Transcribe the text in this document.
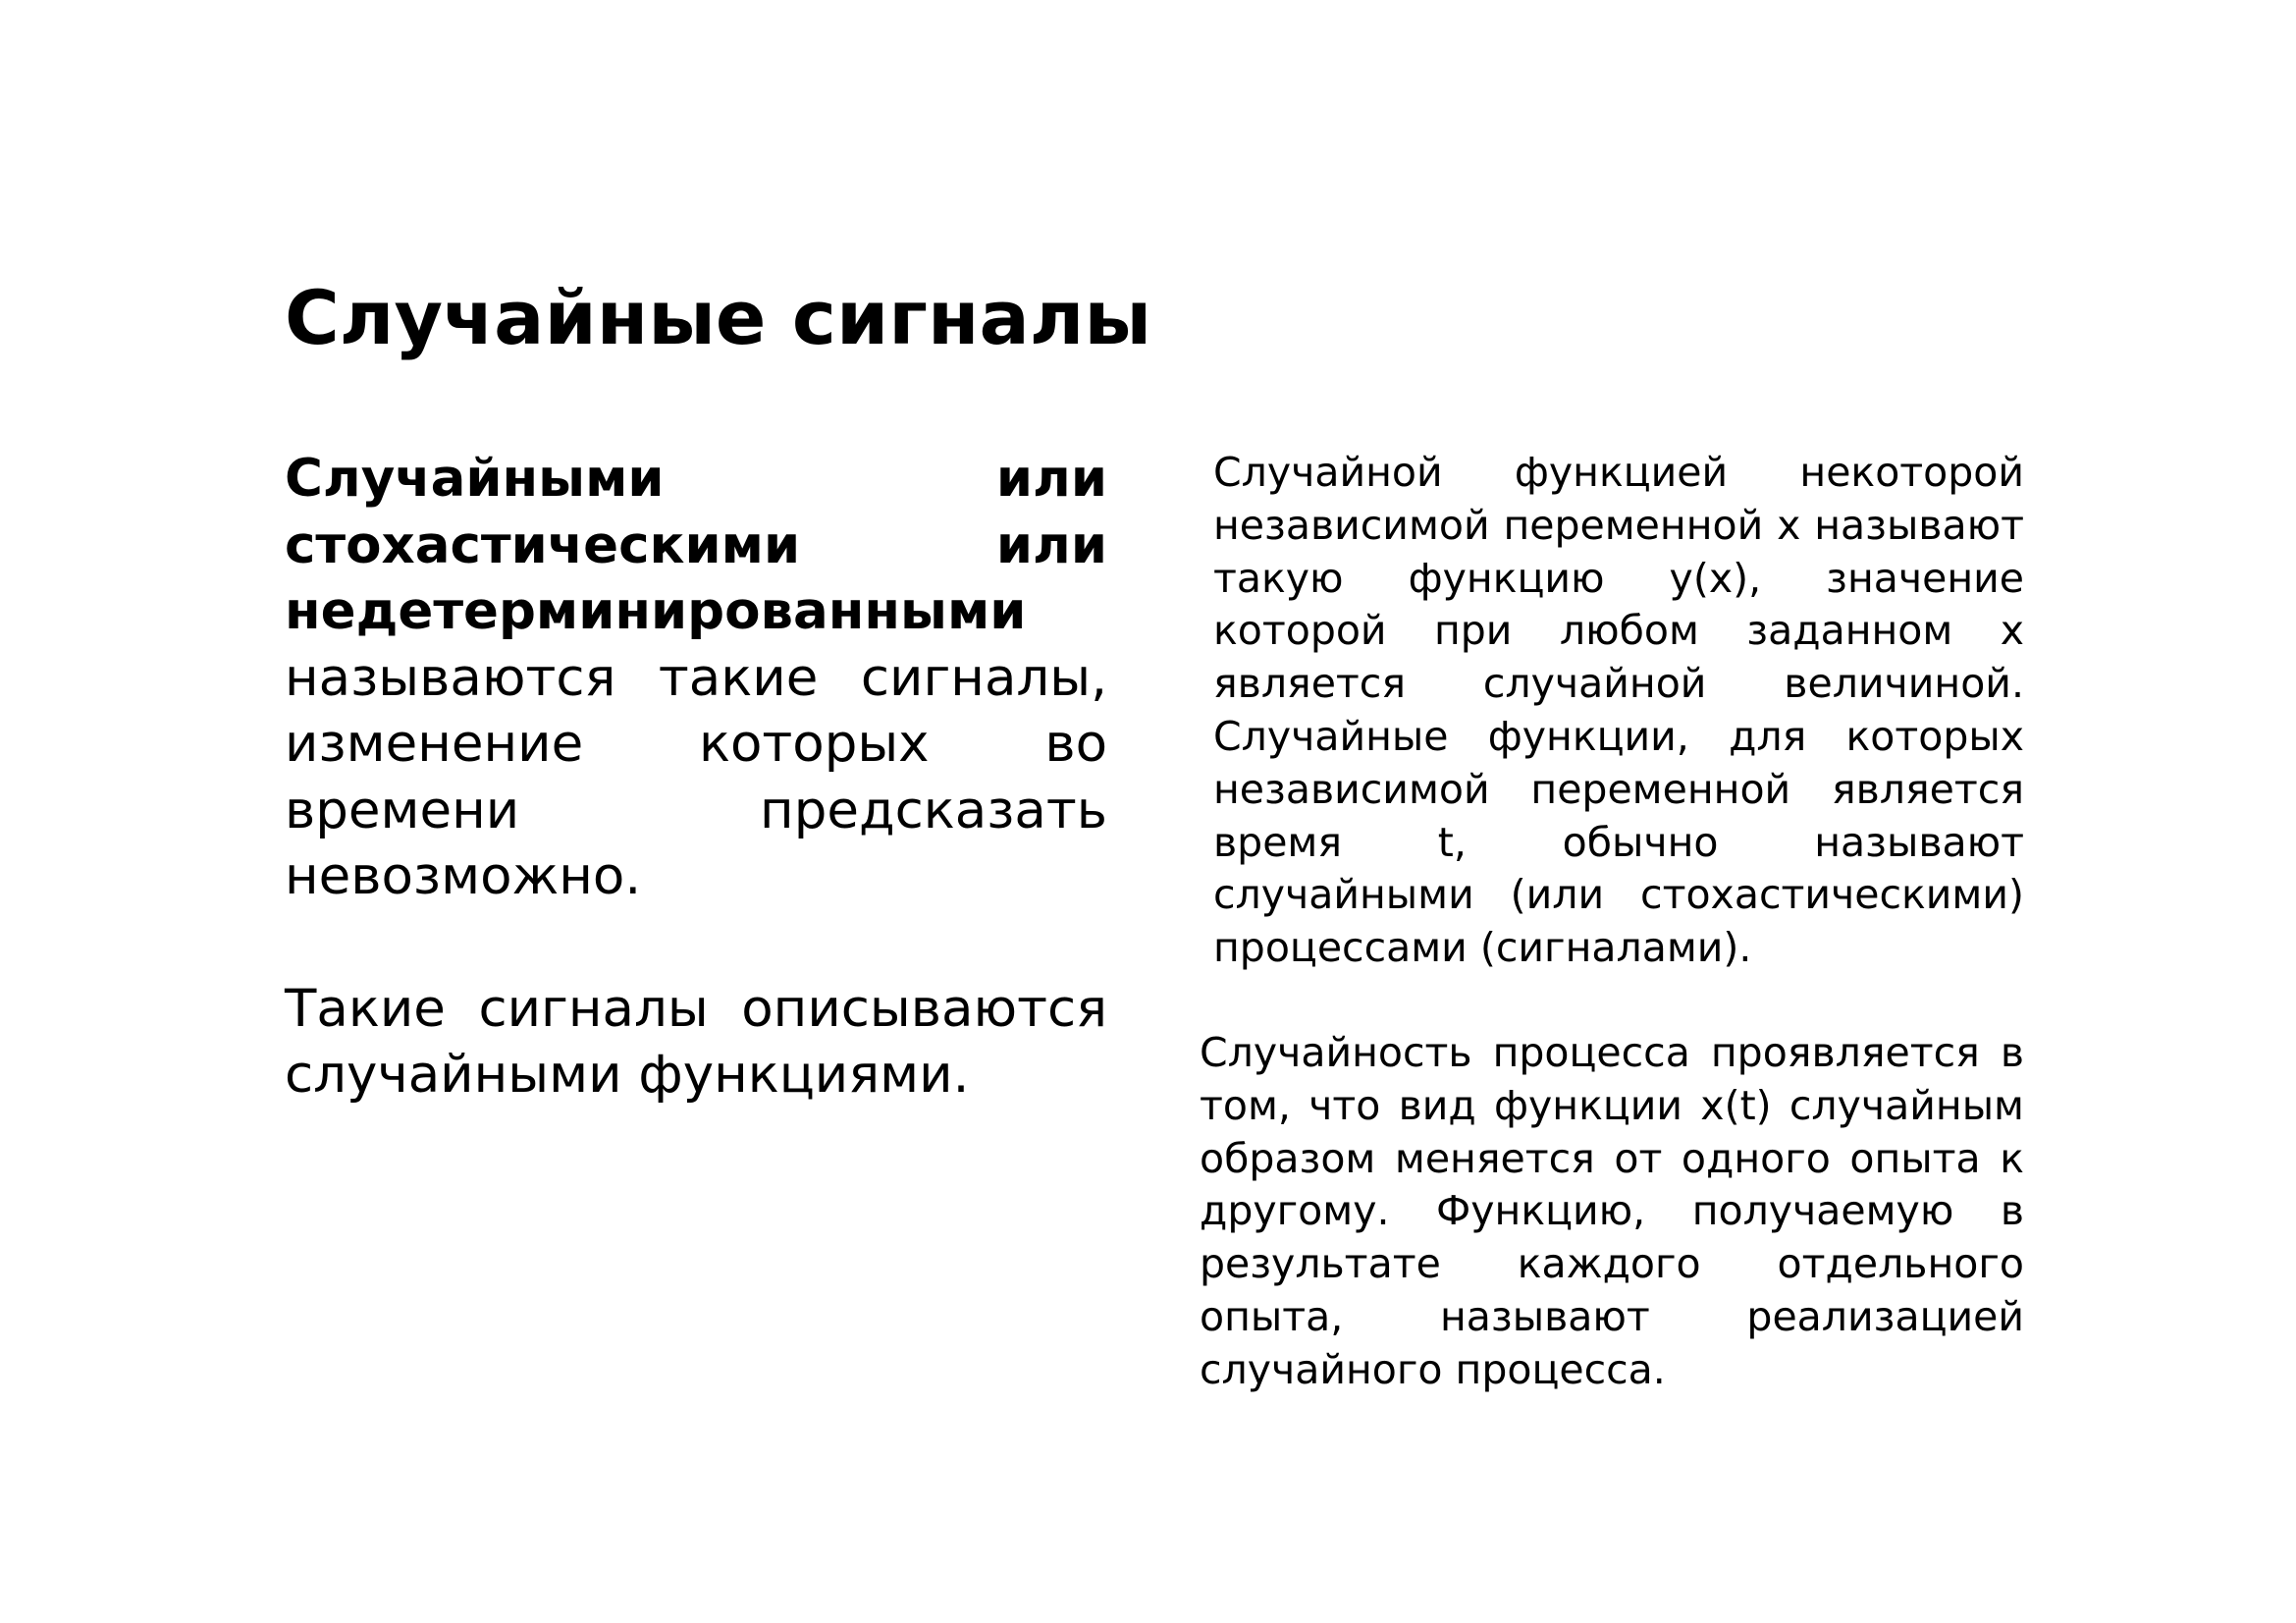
Случайные сигналы

Случайными или стохастическими или недетерминированными называются такие сигналы, изменение которых во времени предсказать невозможно.

Такие сигналы описываются случайными функциями.

Случайной функцией некоторой независимой переменной x называют такую функцию y(x), значение которой при любом заданном x является случайной величиной. Случайные функции, для которых независимой переменной является время t, обычно называют случайными (или стохастическими) процессами (сигналами).

Случайность процесса проявляется в том, что вид функции x(t) случайным образом меняется от одного опыта к другому. Функцию, получаемую в результате каждого отдельного опыта, называют реализацией случайного процесса.
